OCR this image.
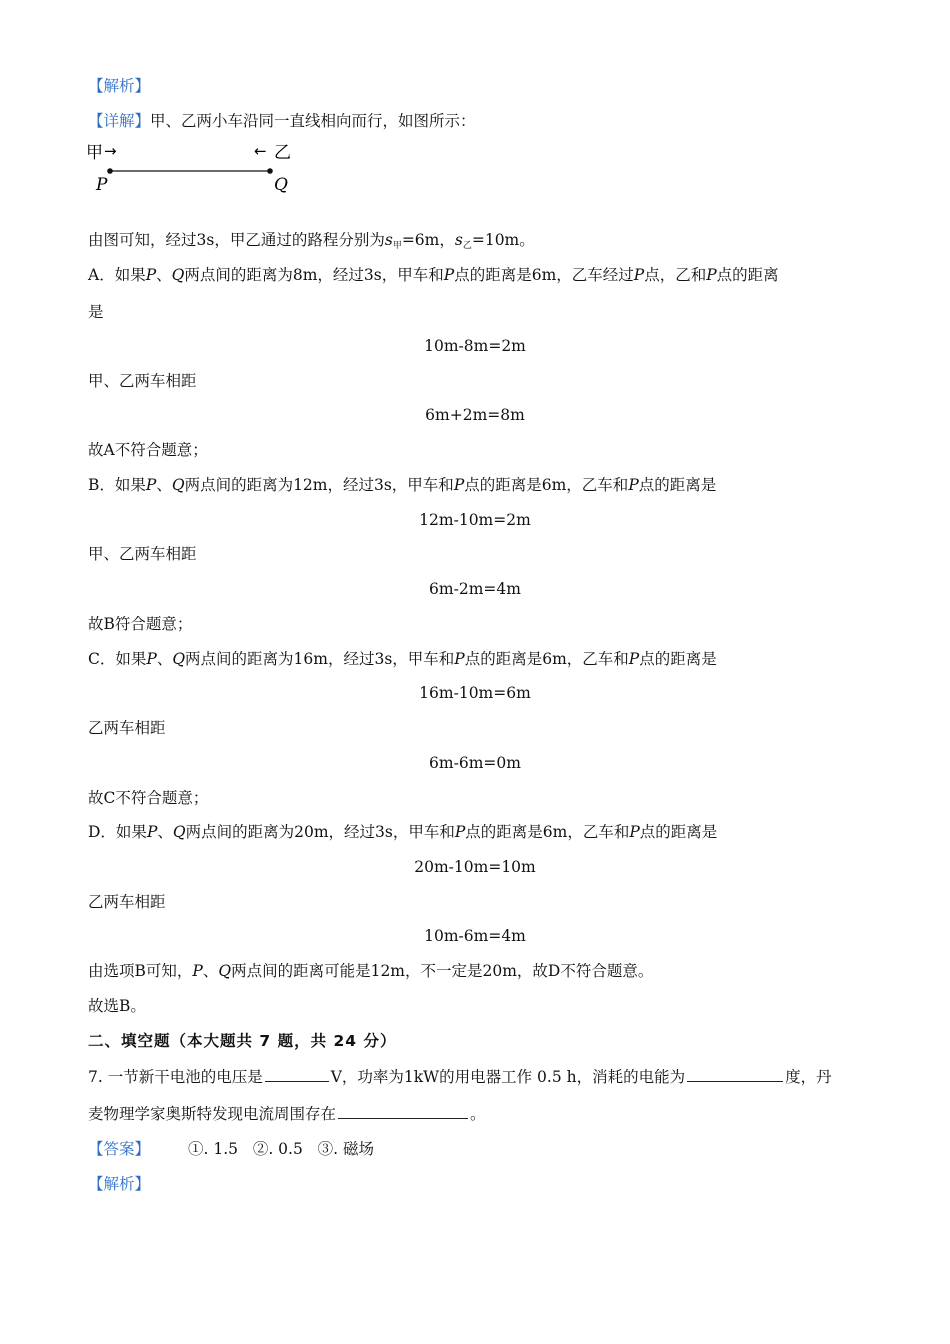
【解析】
【详解】甲、乙两小车沿同一直线相向而行，如图所示：
甲 →	← 乙
P	Q
由图可知，经过3s，甲乙通过的路程分别为$s_甲=6m$，$s_乙=10m$。
A．如果P、Q两点间的距离为8m，经过3s，甲车和P点的距离是6m，乙车经过P点，乙和P点的距离
是
10m-8m=2m
甲、乙两车相距
6m+2m=8m
故A不符合题意；
B．如果P、Q两点间的距离为12m，经过3s，甲车和P点的距离是6m，乙车和P点的距离是
12m-10m=2m
甲、乙两车相距
6m-2m=4m
故B符合题意；
C．如果P、Q两点间的距离为16m，经过3s，甲车和P点的距离是6m，乙车和P点的距离是
16m-10m=6m
乙两车相距
6m-6m=0m
故C不符合题意；
D．如果P、Q两点间的距离为20m，经过3s，甲车和P点的距离是6m，乙车和P点的距离是
20m-10m=10m
乙两车相距
10m-6m=4m
由选项B可知，P、Q两点间的距离可能是12m，不一定是20m，故D不符合题意。
故选B。
二、填空题（本大题共 7 题，共 24 分）
7. 一节新干电池的电压是	V，功率为1kW的用电器工作 0.5 h，消耗的电能为	度，丹
麦物理学家奥斯特发现电流周围存在	。
【答案】 ①. 1.5 ②. 0.5 ③. 磁场
【解析】
